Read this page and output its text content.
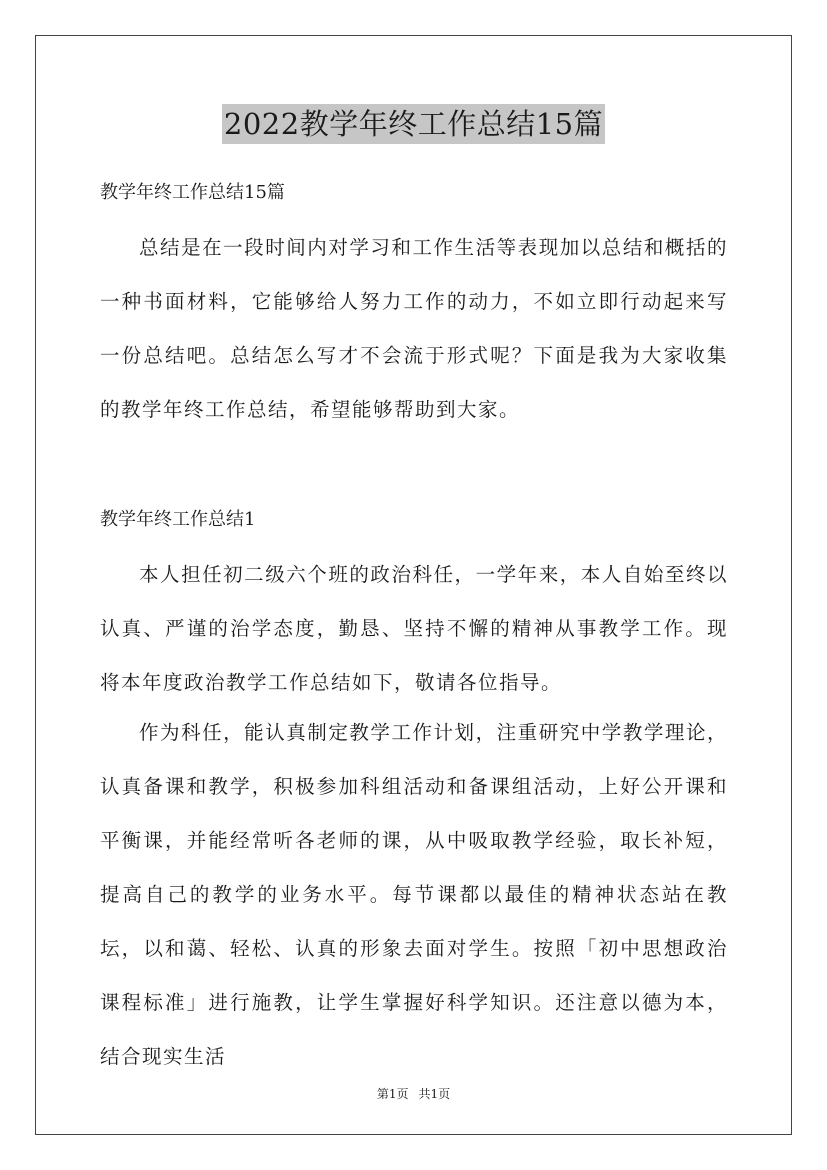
2022教学年终工作总结15篇

教学年终工作总结15篇

总结是在一段时间内对学习和工作生活等表现加以总结和概括的一种书面材料，它能够给人努力工作的动力，不如立即行动起来写一份总结吧。总结怎么写才不会流于形式呢？下面是我为大家收集的教学年终工作总结，希望能够帮助到大家。

教学年终工作总结1

本人担任初二级六个班的政治科任，一学年来，本人自始至终以认真、严谨的治学态度，勤恳、坚持不懈的精神从事教学工作。现将本年度政治教学工作总结如下，敬请各位指导。

作为科任，能认真制定教学工作计划，注重研究中学教学理论，认真备课和教学，积极参加科组活动和备课组活动，上好公开课和平衡课，并能经常听各老师的课，从中吸取教学经验，取长补短，提高自己的教学的业务水平。每节课都以最佳的精神状态站在教坛，以和蔼、轻松、认真的形象去面对学生。按照「初中思想政治课程标准」进行施教，让学生掌握好科学知识。还注意以德为本，结合现实生活

第1页 共1页
